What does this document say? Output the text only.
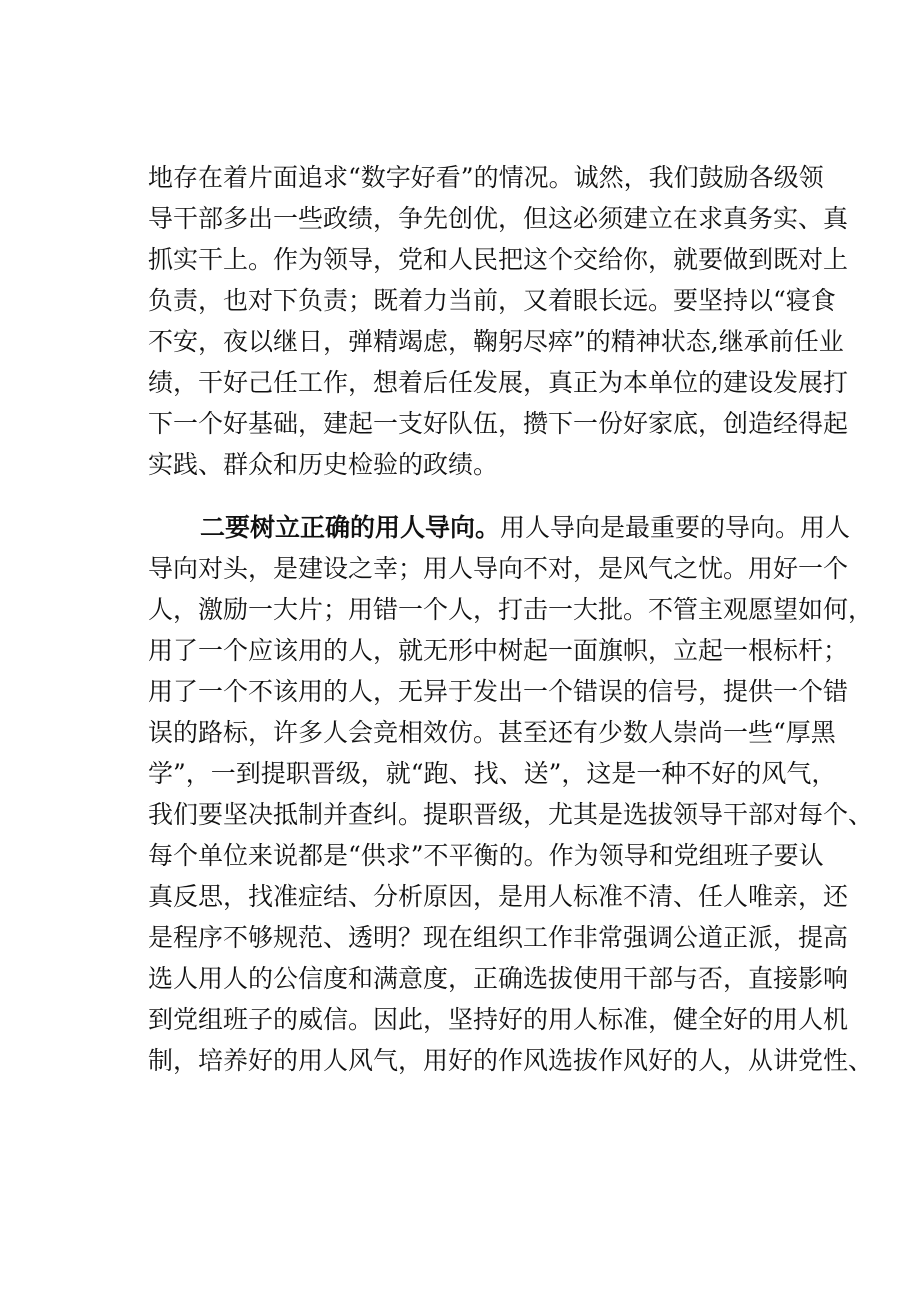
地存在着片面追求“数字好看”的情况。诚然，我们鼓励各级领
导干部多出一些政绩，争先创优，但这必须建立在求真务实、真
抓实干上。作为领导，党和人民把这个交给你，就要做到既对上
负责，也对下负责；既着力当前，又着眼长远。要坚持以“寝食
不安，夜以继日，弹精竭虑，鞠躬尽瘁”的精神状态,继承前任业
绩，干好己任工作，想着后任发展，真正为本单位的建设发展打
下一个好基础，建起一支好队伍，攒下一份好家底，创造经得起
实践、群众和历史检验的政绩。
二要树立正确的用人导向。用人导向是最重要的导向。用人
导向对头，是建设之幸；用人导向不对，是风气之忧。用好一个
人，激励一大片；用错一个人，打击一大批。不管主观愿望如何，
用了一个应该用的人，就无形中树起一面旗帜，立起一根标杆；
用了一个不该用的人，无异于发出一个错误的信号，提供一个错
误的路标，许多人会竞相效仿。甚至还有少数人崇尚一些“厚黑
学”，一到提职晋级，就“跑、找、送”，这是一种不好的风气，
我们要坚决抵制并查纠。提职晋级，尤其是选拔领导干部对每个、
每个单位来说都是“供求”不平衡的。作为领导和党组班子要认
真反思，找准症结、分析原因，是用人标准不清、任人唯亲，还
是程序不够规范、透明？现在组织工作非常强调公道正派，提高
选人用人的公信度和满意度，正确选拔使用干部与否，直接影响
到党组班子的威信。因此，坚持好的用人标准，健全好的用人机
制，培养好的用人风气，用好的作风选拔作风好的人，从讲党性、
